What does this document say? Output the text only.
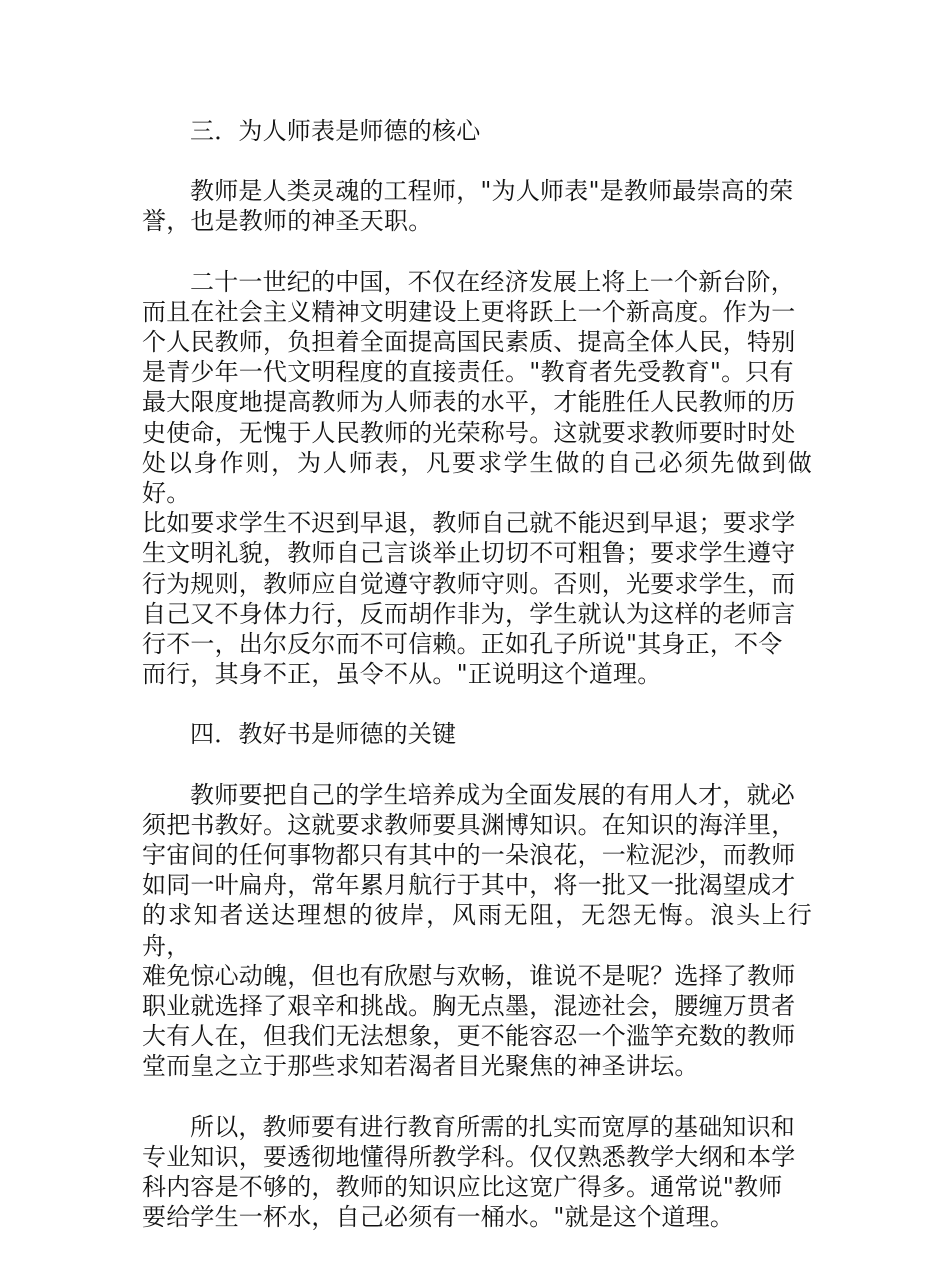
三．为人师表是师德的核心
教师是人类灵魂的工程师，"为人师表"是教师最崇高的荣
誉，也是教师的神圣天职。
二十一世纪的中国，不仅在经济发展上将上一个新台阶，
而且在社会主义精神文明建设上更将跃上一个新高度。作为一
个人民教师，负担着全面提高国民素质、提高全体人民，特别
是青少年一代文明程度的直接责任。"教育者先受教育"。只有
最大限度地提高教师为人师表的水平，才能胜任人民教师的历
史使命，无愧于人民教师的光荣称号。这就要求教师要时时处
处以身作则，为人师表，凡要求学生做的自己必须先做到做好。
比如要求学生不迟到早退，教师自己就不能迟到早退；要求学
生文明礼貌，教师自己言谈举止切切不可粗鲁；要求学生遵守
行为规则，教师应自觉遵守教师守则。否则，光要求学生，而
自己又不身体力行，反而胡作非为，学生就认为这样的老师言
行不一，出尔反尔而不可信赖。正如孔子所说"其身正，不令
而行，其身不正，虽令不从。"正说明这个道理。
四．教好书是师德的关键
教师要把自己的学生培养成为全面发展的有用人才，就必
须把书教好。这就要求教师要具渊博知识。在知识的海洋里，
宇宙间的任何事物都只有其中的一朵浪花，一粒泥沙，而教师
如同一叶扁舟，常年累月航行于其中，将一批又一批渴望成才
的求知者送达理想的彼岸，风雨无阻，无怨无悔。浪头上行舟，
难免惊心动魄，但也有欣慰与欢畅，谁说不是呢？选择了教师
职业就选择了艰辛和挑战。胸无点墨，混迹社会，腰缠万贯者
大有人在，但我们无法想象，更不能容忍一个滥竽充数的教师
堂而皇之立于那些求知若渴者目光聚焦的神圣讲坛。
所以，教师要有进行教育所需的扎实而宽厚的基础知识和
专业知识，要透彻地懂得所教学科。仅仅熟悉教学大纲和本学
科内容是不够的，教师的知识应比这宽广得多。通常说"教师
要给学生一杯水，自己必须有一桶水。"就是这个道理。
